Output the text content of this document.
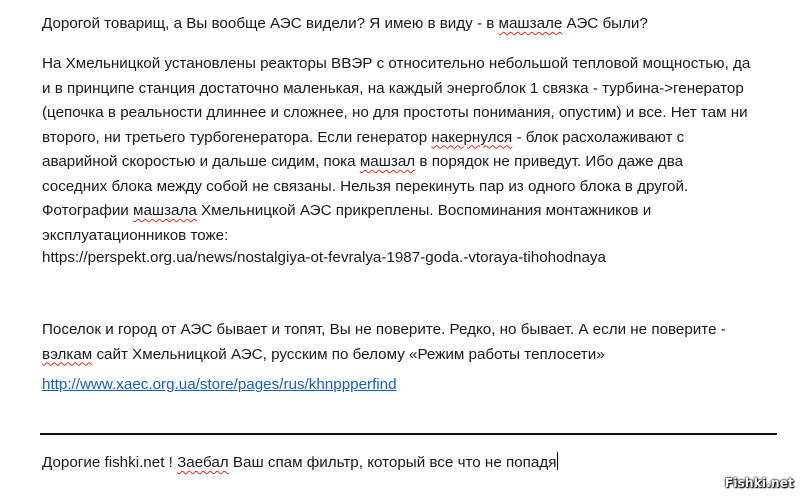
Дорогой товарищ, а Вы вообще АЭС видели? Я имею в виду - в машзале АЭС были?

На Хмельницкой установлены реакторы ВВЭР с относительно небольшой тепловой мощностью, да
и в принципе станция достаточно маленькая, на каждый энергоблок 1 связка - турбина->генератор
(цепочка в реальности длиннее и сложнее, но для простоты понимания, опустим) и все. Нет там ни
второго, ни третьего турбогенератора. Если генератор накернулся - блок расхолаживают с
аварийной скоростью и дальше сидим, пока машзал в порядок не приведут. Ибо даже два
соседних блока между собой не связаны. Нельзя перекинуть пар из одного блока в другой.
Фотографии машзала Хмельницкой АЭС прикреплены. Воспоминания монтажников и
эксплуатационников тоже:

https://perspekt.org.ua/news/nostalgiya-ot-fevralya-1987-goda.-vtoraya-tihohodnaya

Поселок и город от АЭС бывает и топят, Вы не поверите. Редко, но бывает. А если не поверите -
вэлкам сайт Хмельницкой АЭС, русским по белому «Режим работы теплосети»

http://www.xaec.org.ua/store/pages/rus/khnppperfind

Дорогие fishki.net ! Заебал Ваш спам фильтр, который все что не попадя

Fishki.net
